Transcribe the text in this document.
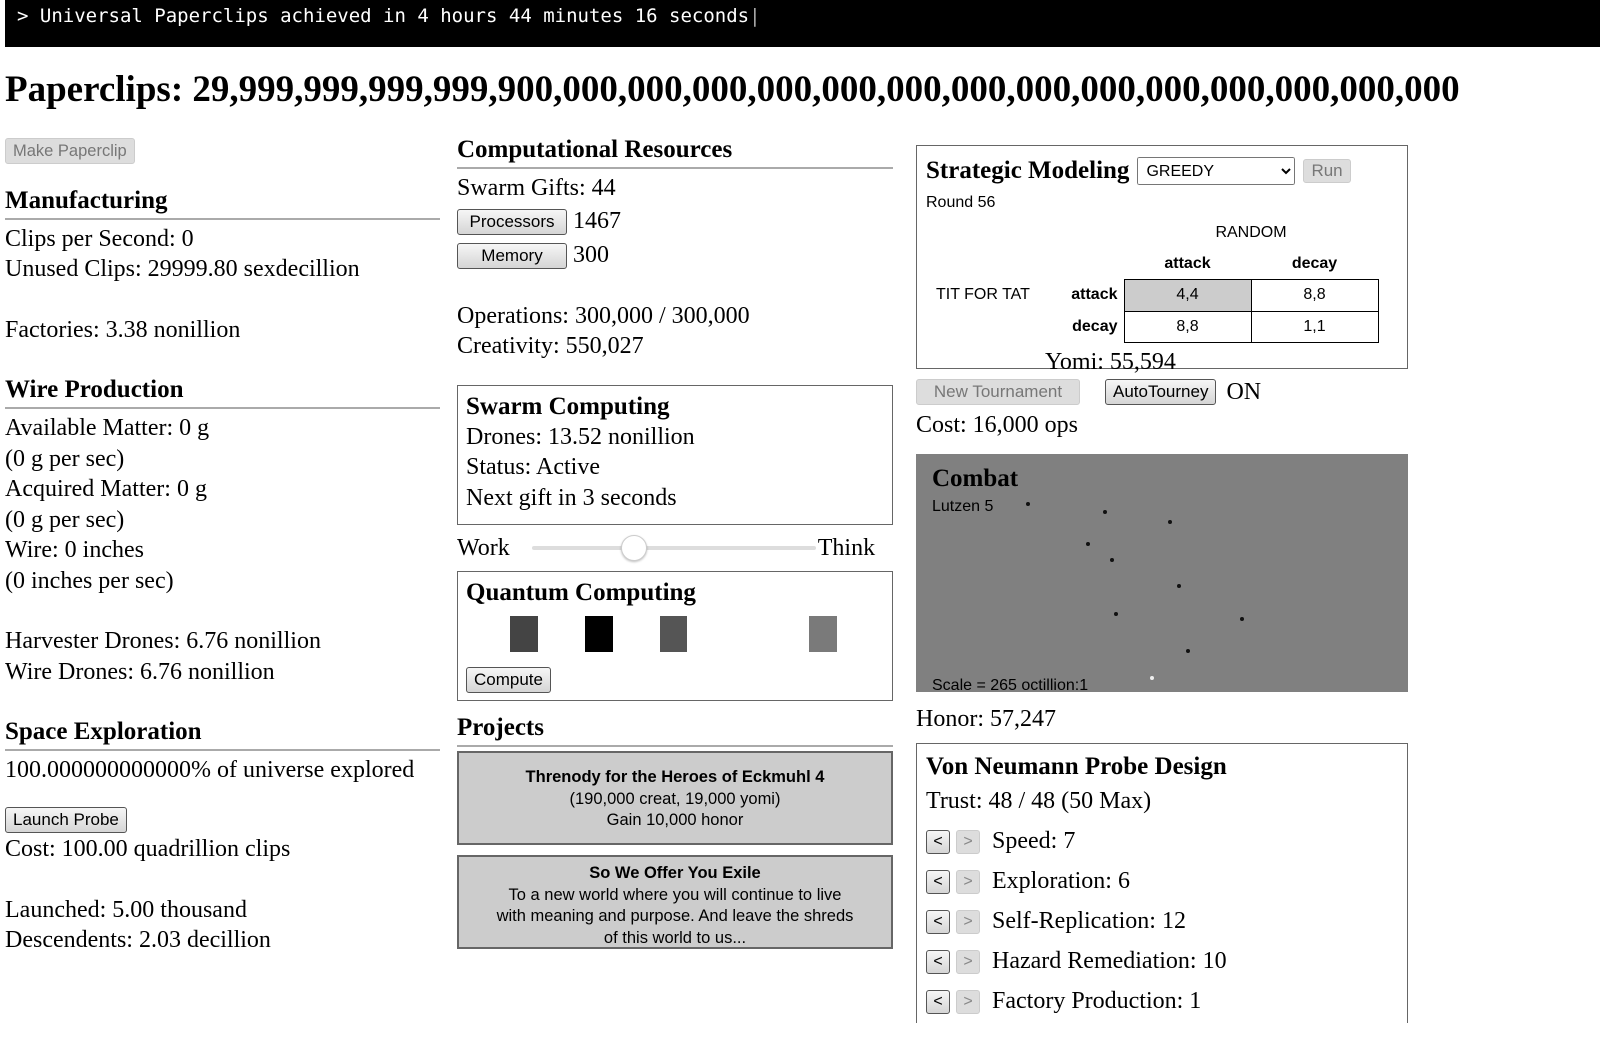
> Universal Paperclips achieved in 4 hours 44 minutes 16 seconds|
Paperclips: 29,999,999,999,999,900,000,000,000,000,000,000,000,000,000,000,000,000,000,000
Make Paperclip
Manufacturing
Clips per Second: 0
Unused Clips: 29999.80 sexdecillion
Factories: 3.38 nonillion
Wire Production
Available Matter: 0 g
(0 g per sec)
Acquired Matter: 0 g
(0 g per sec)
Wire: 0 inches
(0 inches per sec)
Harvester Drones: 6.76 nonillion
Wire Drones: 6.76 nonillion
Space Exploration
100.000000000000% of universe explored
Launch Probe
Cost: 100.00 quadrillion clips
Launched: 5.00 thousand
Descendents: 2.03 decillion
Computational Resources
Swarm Gifts: 44
Processors 1467
Memory 300
Operations: 300,000 / 300,000
Creativity: 550,027
Swarm Computing
Drones: 13.52 nonillion
Status: Active
Next gift in 3 seconds
Work	Think
Quantum Computing
Compute
Projects
Threnody for the Heroes of Eckmuhl 4
(190,000 creat, 19,000 yomi)
Gain 10,000 honor
So We Offer You Exile
To a new world where you will continue to live
with meaning and purpose. And leave the shreds
of this world to us...
Strategic Modeling
GREEDY	Run
Round 56
		RANDOM	
		attack	decay
TIT FOR TAT	attack	4,4	8,8
	decay	8,8	1,1
Yomi: 55,594
New Tournament	AutoTourney ON
Cost: 16,000 ops
Combat
Lutzen 5
Scale = 265 octillion:1
Honor: 57,247
Von Neumann Probe Design
Trust: 48 / 48 (50 Max)
< > Speed: 7
< > Exploration: 6
< > Self-Replication: 12
< > Hazard Remediation: 10
< > Factory Production: 1
